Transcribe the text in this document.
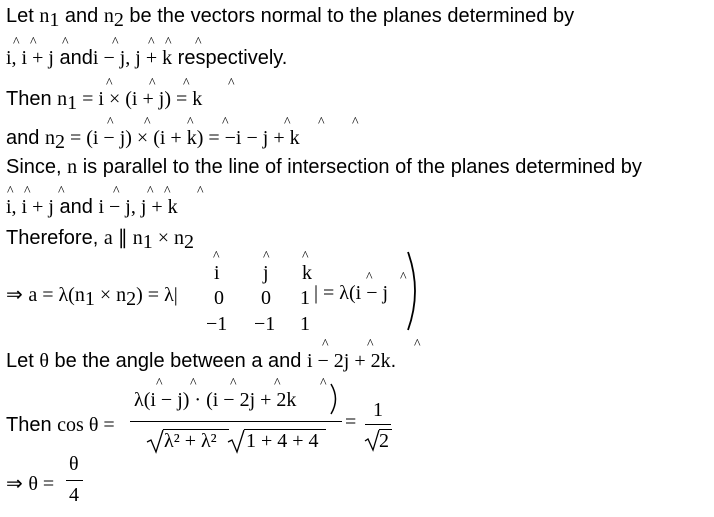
Let $n_1$ and $n_2$ be the vectors normal to the planes determined by
i, i + j andi − j, j + k respectively.
^ ^ ^	^ ^ ^ ^
Then $n_1 = i \times (i + j) = k$
^	^ ^	^
and $n_2 = (i - j) \times (i + k) = -i - j + k$
^ ^	^ ^	^ ^ ^
Since, n is parallel to the line of intersection of the planes determined by
i, i + j and i − j, j + k
^ ^ ^	^ ^ ^ ^
Therefore, a ∥ $n_1 \times n_2$
⇒ $a = \lambda(n_1 \times n_2) = \lambda|$
i j k
^	^ ^
0 0 1
−1 −1 1
| = λ(i − j
^ ^
Let θ be the angle between a and i − 2j + 2k.
^	^	^
Then cos θ =
λ(i − j) · (i − 2j + 2k
^ ^ ^	^	^
λ² + λ² 1 + 4 + 4
=
1
2
⇒ θ =
θ
4
